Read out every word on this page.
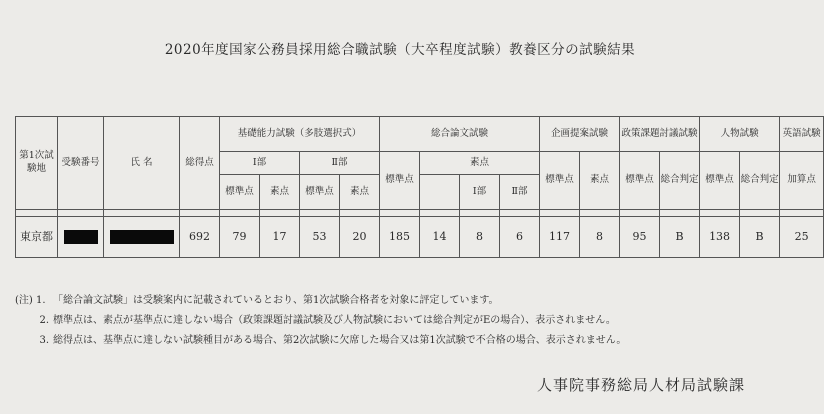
2020年度国家公務員採用総合職試験（大卒程度試験）教養区分の試験結果
第1次試験地	受験番号	氏 名	総得点	基礎能力試験（多肢選択式）				総合論文試験				企画提案試験		政策課題討議試験		人物試験		英語試験
				Ⅰ部		Ⅱ部		標準点	素点			標準点	素点	標準点	総合判定	標準点	総合判定	加算点
				標準点	素点	標準点	素点			Ⅰ部	Ⅱ部							

東京都			692	79	17	53	20	185	14	8	6	117	8	95	B	138	B	25
(注) 1. 「総合論文試験」は受験案内に記載されているとおり、第1次試験合格者を対象に評定しています。
2. 標準点は、素点が基準点に達しない場合（政策課題討議試験及び人物試験においては総合判定がEの場合）、表示されません。
3. 総得点は、基準点に達しない試験種目がある場合、第2次試験に欠席した場合又は第1次試験で不合格の場合、表示されません。
人事院事務総局人材局試験課
